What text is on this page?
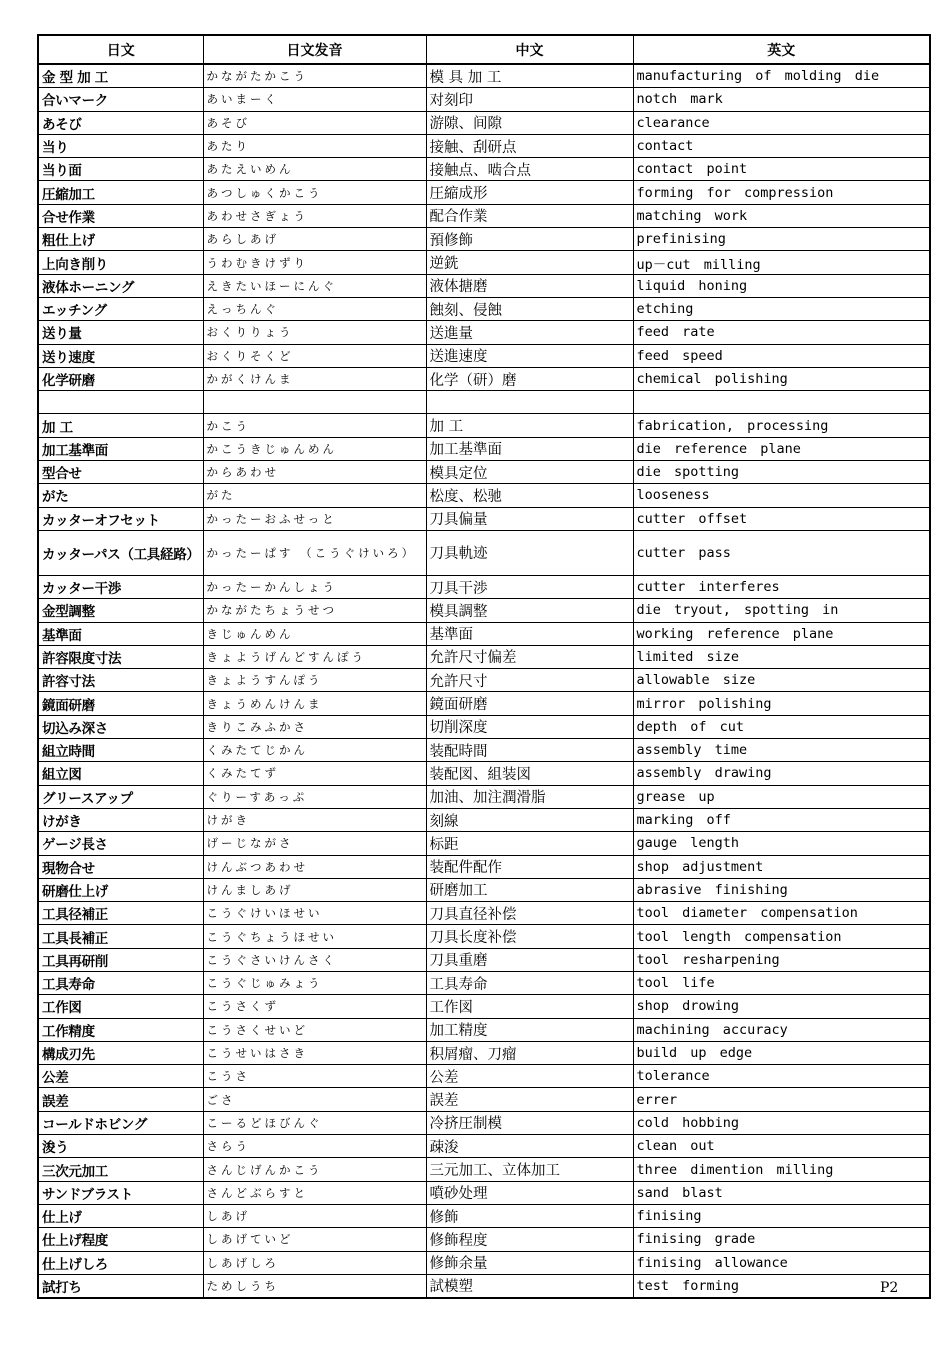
日文	日文发音	中文	英文
金 型 加 工	かながたかこう	模 具 加 工	manufacturing of molding die
合いマーク	あいまーく	对刻印	notch mark
あそび	あそび	游隙、间隙	clearance
当り	あたり	接触、刮研点	contact
当り面	あたえいめん	接触点、啮合点	contact point
圧縮加工	あつしゅくかこう	圧縮成形	forming for compression
合せ作業	あわせさぎょう	配合作業	matching work
粗仕上げ	あらしあげ	預修飾	prefinising
上向き削り	うわむきけずり	逆銑	up－cut milling
液体ホーニング	えきたいほーにんぐ	液体搪磨	liquid honing
エッチング	えっちんぐ	蝕刻、侵蝕	etching
送り量	おくりりょう	送進量	feed rate
送り速度	おくりそくど	送進速度	feed speed
化学研磨	かがくけんま	化学（研）磨	chemical polishing

加 工	かこう	加 工	fabrication, processing
加工基準面	かこうきじゅんめん	加工基準面	die reference plane
型合せ	からあわせ	模具定位	die spotting
がた	がた	松度、松驰	looseness
カッターオフセット	かったーおふせっと	刀具偏量	cutter offset
カッターパス（工具経路）	かったーぱす （こうぐけいろ）	刀具軌迹	cutter pass
カッター干渉	かったーかんしょう	刀具干渉	cutter interferes
金型調整	かながたちょうせつ	模具調整	die tryout, spotting in
基準面	きじゅんめん	基準面	working reference plane
許容限度寸法	きょようげんどすんぽう	允許尺寸偏差	limited size
許容寸法	きょようすんぽう	允許尺寸	allowable size
鏡面研磨	きょうめんけんま	鏡面研磨	mirror polishing
切込み深さ	きりこみふかさ	切削深度	depth of cut
組立時間	くみたてじかん	装配時間	assembly time
組立図	くみたてず	装配図、組装図	assembly drawing
グリースアップ	ぐりーすあっぷ	加油、加注潤滑脂	grease up
けがき	けがき	刻線	marking off
ゲージ長さ	げーじながさ	标距	gauge length
現物合せ	けんぶつあわせ	装配件配作	shop adjustment
研磨仕上げ	けんましあげ	研磨加工	abrasive finishing
工具径補正	こうぐけいほせい	刀具直径补偿	tool diameter compensation
工具長補正	こうぐちょうほせい	刀具长度补偿	tool length compensation
工具再研削	こうぐさいけんさく	刀具重磨	tool resharpening
工具寿命	こうぐじゅみょう	工具寿命	tool life
工作図	こうさくず	工作図	shop drowing
工作精度	こうさくせいど	加工精度	machining accuracy
構成刃先	こうせいはさき	积屑瘤、刀瘤	build up edge
公差	こうさ	公差	tolerance
誤差	ごさ	誤差	errer
コールドホビング	こーるどほびんぐ	冷挤圧制模	cold hobbing
浚う	さらう	疎浚	clean out
三次元加工	さんじげんかこう	三元加工、立体加工	three dimention milling
サンドブラスト	さんどぶらすと	噴砂处理	sand blast
仕上げ	しあげ	修飾	finising
仕上げ程度	しあげていど	修飾程度	finising grade
仕上げしろ	しあげしろ	修飾余量	finising allowance
試打ち	ためしうち	試模塑	test forming	P2
